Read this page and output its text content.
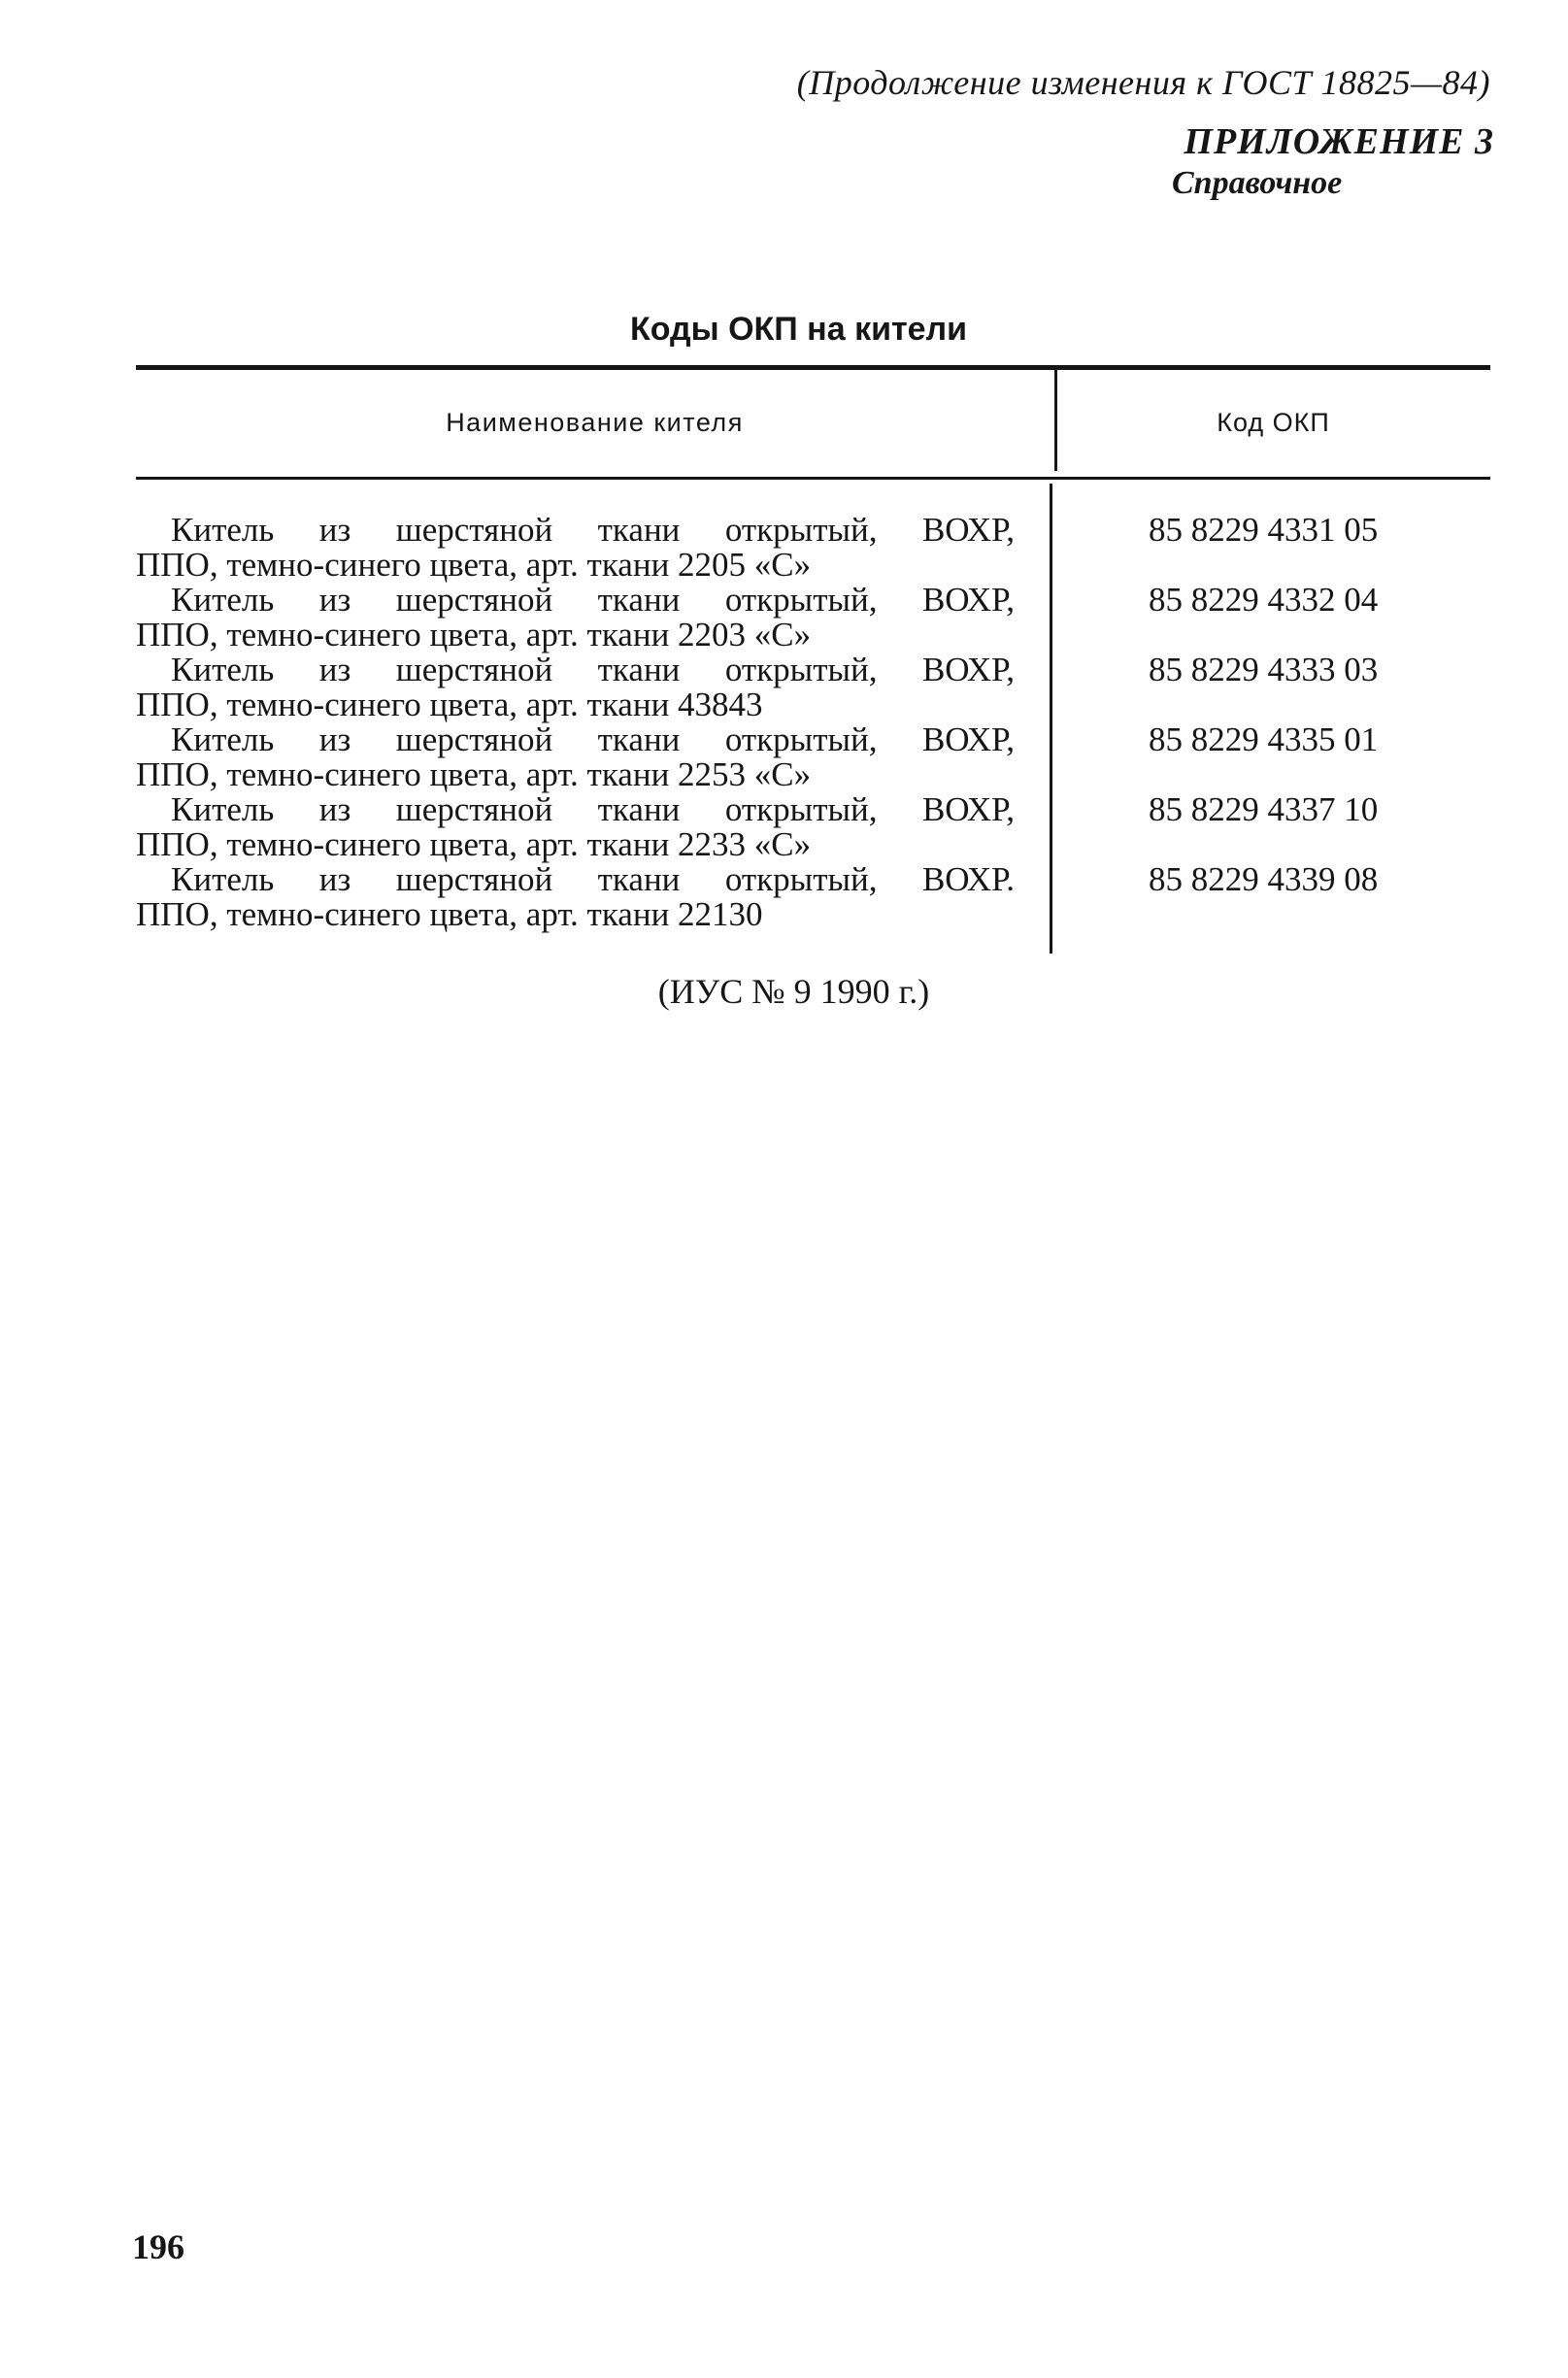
(Продолжение изменения к ГОСТ 18825—84)
ПРИЛОЖЕНИЕ 3
Справочное
Коды ОКП на кители
Наименование кителя	Код ОКП
Китель из шерстяной ткани открытый, ВОХР,
ППО, темно-синего цвета, арт. ткани 2205 «С»
85 8229 4331 05
Китель из шерстяной ткани открытый, ВОХР,
ППО, темно-синего цвета, арт. ткани 2203 «С»
85 8229 4332 04
Китель из шерстяной ткани открытый, ВОХР,
ППО, темно-синего цвета, арт. ткани 43843
85 8229 4333 03
Китель из шерстяной ткани открытый, ВОХР,
ППО, темно-синего цвета, арт. ткани 2253 «С»
85 8229 4335 01
Китель из шерстяной ткани открытый, ВОХР,
ППО, темно-синего цвета, арт. ткани 2233 «С»
85 8229 4337 10
Китель из шерстяной ткани открытый, ВОХР.
ППО, темно-синего цвета, арт. ткани 22130
85 8229 4339 08
(ИУС № 9 1990 г.)
196
